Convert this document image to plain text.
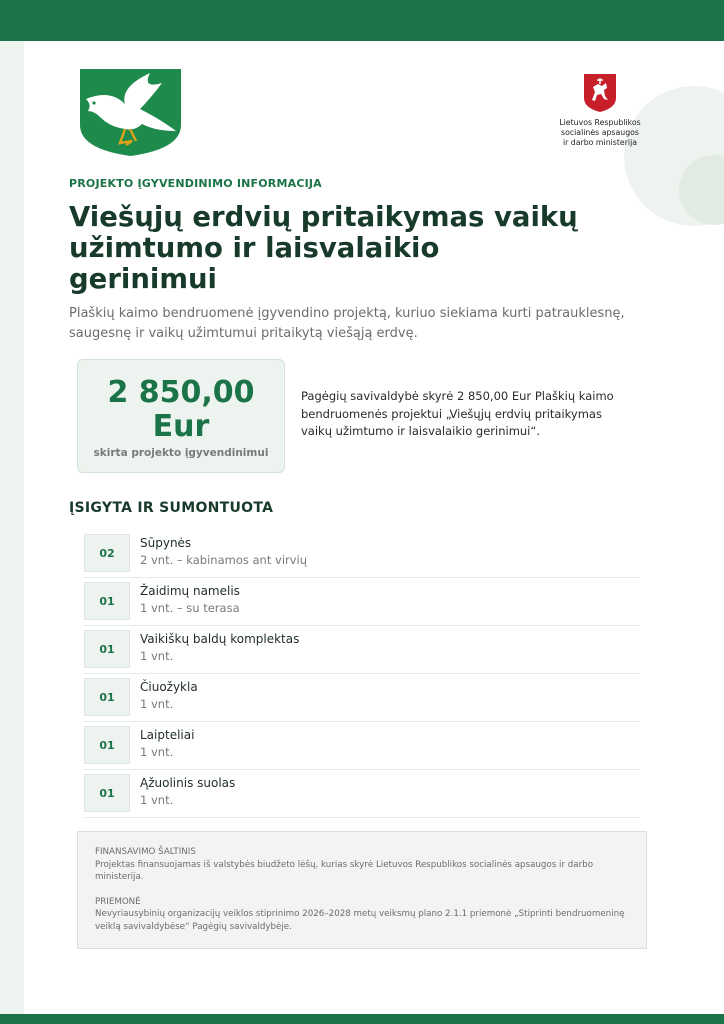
Lietuvos Respublikos
socialinės apsaugos
ir darbo ministerija
PROJEKTO ĮGYVENDINIMO INFORMACIJA
Viešųjų erdvių pritaikymas vaikų užimtumo ir laisvalaikio gerinimui

Plaškių kaimo bendruomenė įgyvendino projektą, kuriuo siekiama kurti patrauklesnę, saugesnę ir vaikų užimtumui pritaikytą viešąją erdvę.

2 850,00 Eur
skirta projekto įgyvendinimui

Pagėgių savivaldybė skyrė 2 850,00 Eur Plaškių kaimo bendruomenės projektui „Viešųjų erdvių pritaikymas vaikų užimtumo ir laisvalaikio gerinimui“.

ĮSIGYTA IR SUMONTUOTA
02
Sūpynės
2 vnt. – kabinamos ant virvių
01
Žaidimų namelis
1 vnt. – su terasa
01
Vaikiškų baldų komplektas
1 vnt.
01
Čiuožykla
1 vnt.
01
Laipteliai
1 vnt.
01
Ąžuolinis suolas
1 vnt.
FINANSAVIMO ŠALTINIS
Projektas finansuojamas iš valstybės biudžeto lėšų, kurias skyrė Lietuvos Respublikos socialinės apsaugos ir darbo ministerija.
PRIEMONĖ
Nevyriausybinių organizacijų veiklos stiprinimo 2026–2028 metų veiksmų plano 2.1.1 priemonė „Stiprinti bendruomeninę veiklą savivaldybėse“ Pagėgių savivaldybėje.
